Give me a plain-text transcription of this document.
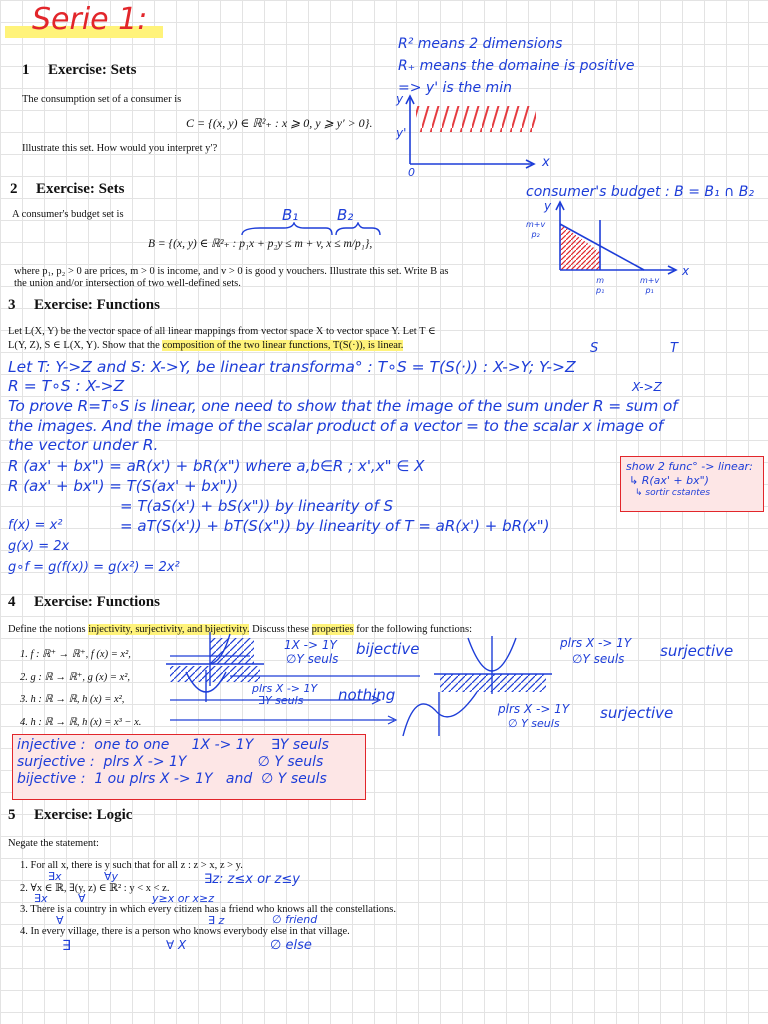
Serie 1:
1 Exercise: Sets
The consumption set of a consumer is
C = {(x, y) ∈ ℝ²₊ : x ⩾ 0, y ⩾ y′ > 0}.
Illustrate this set. How would you interpret y′?
R² means 2 dimensions
R₊ means the domaine is positive
=> y' is the min
y
y'
x
0
2 Exercise: Sets
A consumer's budget set is
B = {(x, y) ∈ ℝ²₊ : p₁x + p₂y ≤ m + v, x ≤ m/p₁},
B₁	B₂
where p₁, p₂ > 0 are prices, m > 0 is income, and v > 0 is good y vouchers. Illustrate this set. Write B as
the union and/or intersection of two well-defined sets.
consumer's budget : B = B₁ ∩ B₂
y
x
m+v
p₂
m
p₁
m+v
p₁
3 Exercise: Functions
Let L(X, Y) be the vector space of all linear mappings from vector space X to vector space Y. Let T ∈
L(Y, Z), S ∈ L(X, Y). Show that the composition of the two linear functions, T(S(·)), is linear.	S	T
Let T: Y->Z and S: X->Y, be linear transforma° : T∘S = T(S(·)) : X->Y; Y->Z
X->Z
R = T∘S : X->Z
To prove R=T∘S is linear, one need to show that the image of the sum under R = sum of
the images. And the image of the scalar product of a vector = to the scalar x image of
the vector under R.
R (ax' + bx") = aR(x') + bR(x") where a,b∈R ; x',x" ∈ X
R (ax' + bx") = T(S(ax' + bx"))
= T(aS(x') + bS(x")) by linearity of S
= aT(S(x')) + bT(S(x")) by linearity of T = aR(x') + bR(x")
f(x) = x²
g(x) = 2x
g∘f = g(f(x)) = g(x²) = 2x²
show 2 func° -> linear:
↳ R(ax' + bx")
↳ sortir cstantes
4 Exercise: Functions
Define the notions injectivity, surjectivity, and bijectivity. Discuss these properties for the following functions:
1. f : ℝ⁺ → ℝ⁺, f (x) = x²,
2. g : ℝ → ℝ⁺, g (x) = x²,
3. h : ℝ → ℝ, h (x) = x²,
4. h : ℝ → ℝ, h (x) = x³ − x.
1X -> 1Y
∅Y seuls
bijective	plrs X -> 1Y
∅Y seuls surjective
plrs X -> 1Y
∃Y seuls nothing
plrs X -> 1Y
∅ Y seuls
surjective
injective :  one to one     1X -> 1Y    ∃Y seuls
surjective :  plrs X -> 1Y                ∅ Y seuls
bijective :  1 ou plrs X -> 1Y   and  ∅ Y seuls
5 Exercise: Logic
Negate the statement:
1. For all x, there is y such that for all z : z > x, z > y.
2. ∀x ∈ ℝ, ∃(y, z) ∈ ℝ² : y < x < z.
3. There is a country in which every citizen has a friend who knows all the constellations.
4. In every village, there is a person who knows everybody else in that village.
∃x	∀y	∃z: z≤x or z≤y
∃x	∀	y≥x or x≥z
∀	∃ z	∅ friend
∃	∀ X	∅ else
